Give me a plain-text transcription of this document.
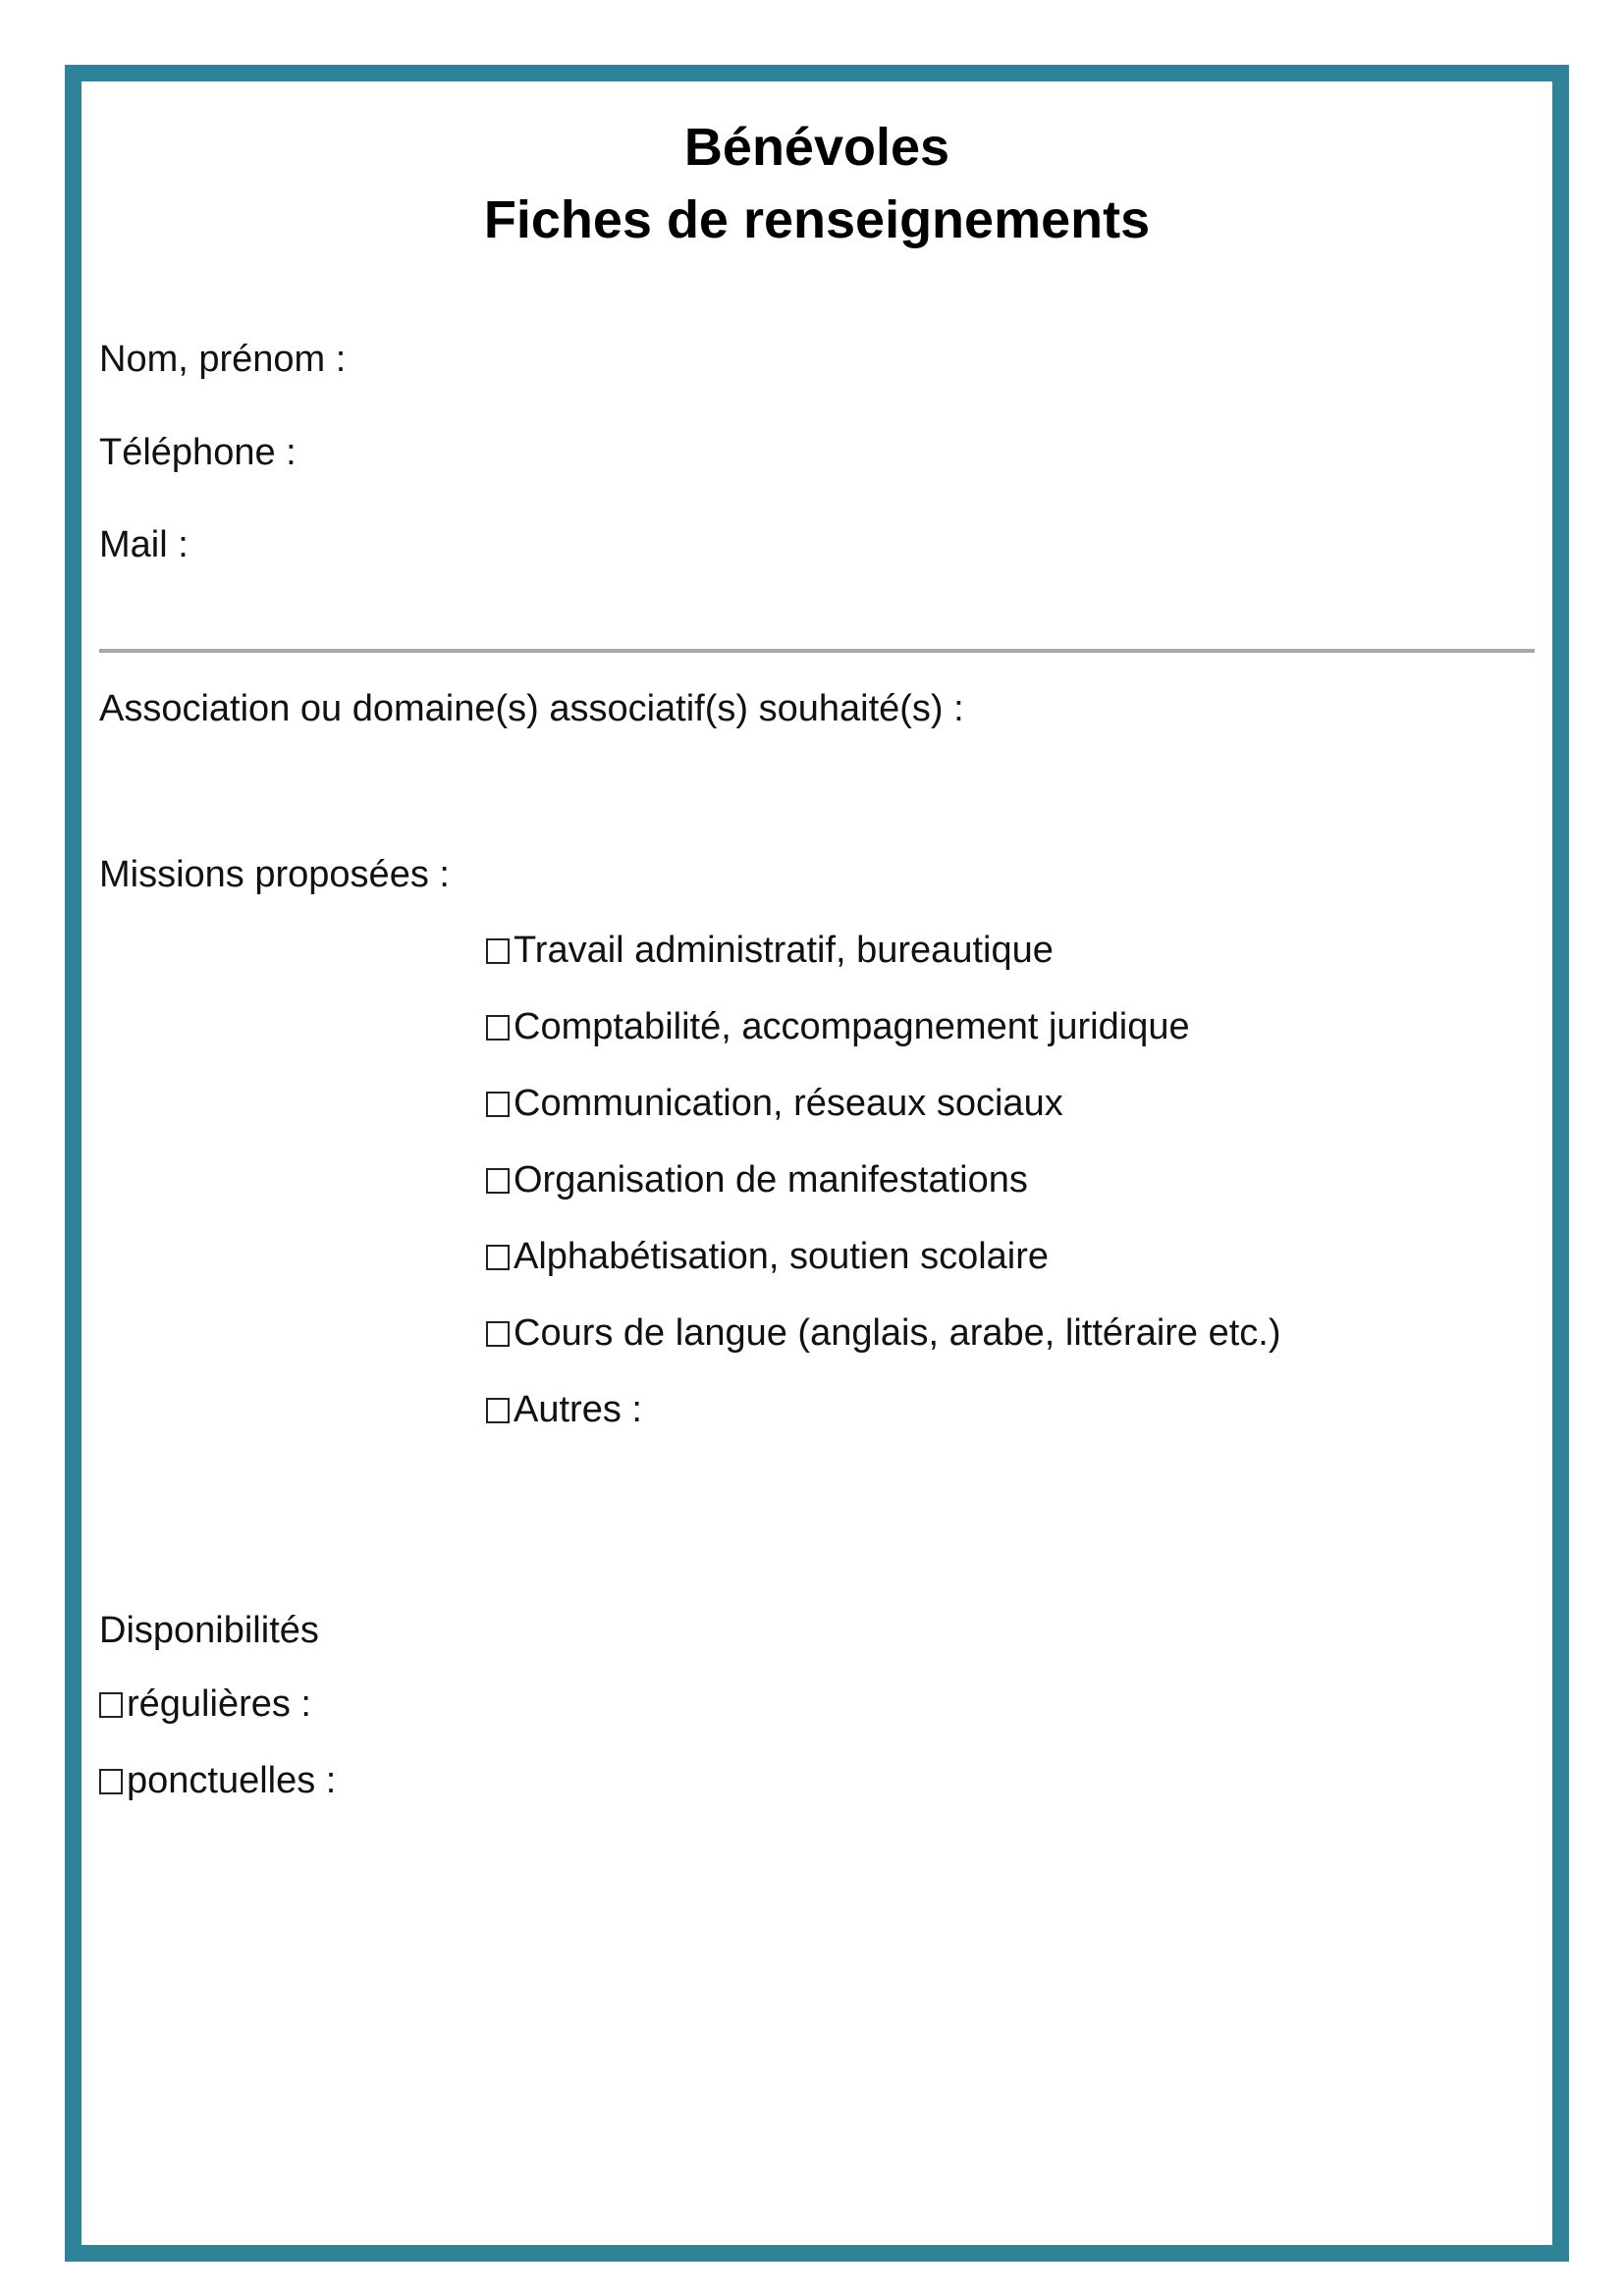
Bénévoles
Fiches de renseignements

Nom, prénom :

Téléphone :

Mail :

Association ou domaine(s) associatif(s) souhaité(s) :

Missions proposées :

Travail administratif, bureautique

Comptabilité, accompagnement juridique

Communication, réseaux sociaux

Organisation de manifestations

Alphabétisation, soutien scolaire

Cours de langue (anglais, arabe, littéraire etc.)

Autres :

Disponibilités

régulières :

ponctuelles :
